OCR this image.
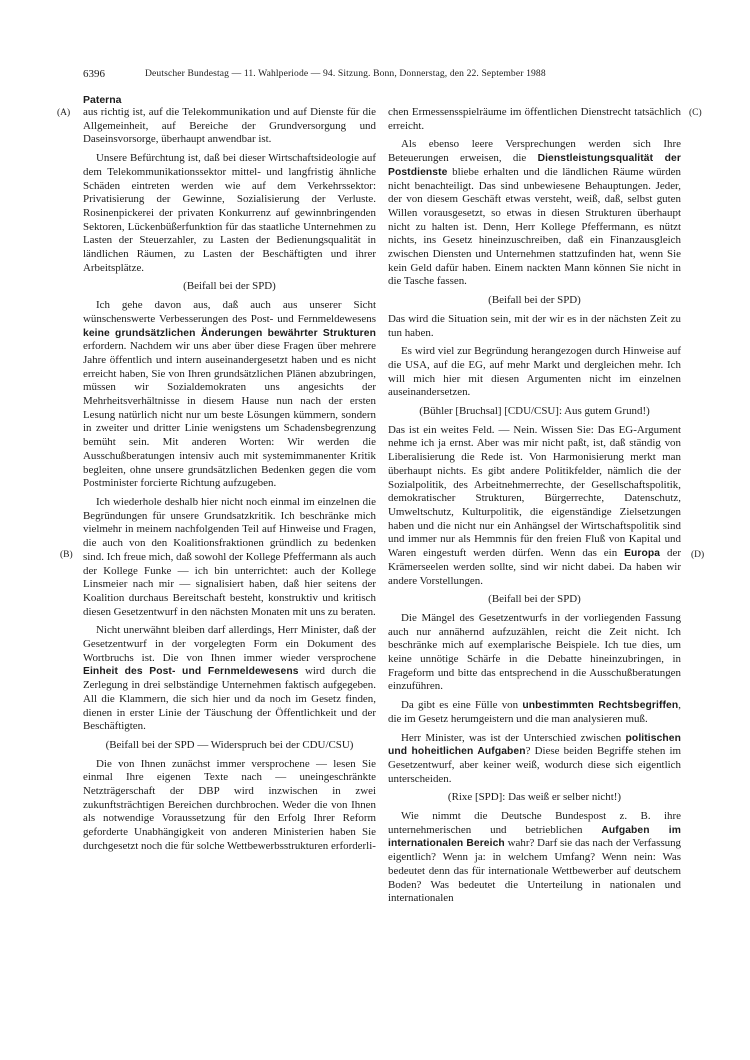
6396	Deutscher Bundestag — 11. Wahlperiode — 94. Sitzung. Bonn, Donnerstag, den 22. September 1988
Paterna
(A)
(B)
(C)
(D)

aus richtig ist, auf die Telekommunikation und auf Dienste für die Allgemeinheit, auf Bereiche der Grundversorgung und Daseinsvorsorge, überhaupt anwendbar ist.

Unsere Befürchtung ist, daß bei dieser Wirtschaftsideologie auf dem Telekommunikationssektor mittel- und langfristig ähnliche Schäden eintreten werden wie auf dem Verkehrssektor: Privatisierung der Gewinne, Sozialisierung der Verluste. Rosinenpickerei der privaten Konkurrenz auf gewinnbringenden Sektoren, Lückenbüßerfunktion für das staatliche Unternehmen zu Lasten der Steuerzahler, zu Lasten der Bedienungsqualität in ländlichen Räumen, zu Lasten der Beschäftigten und ihrer Arbeitsplätze.

(Beifall bei der SPD)

Ich gehe davon aus, daß auch aus unserer Sicht wünschenswerte Verbesserungen des Post- und Fernmeldewesens keine grundsätzlichen Änderungen bewährter Strukturen erfordern. Nachdem wir uns aber über diese Fragen über mehrere Jahre öffentlich und intern auseinandergesetzt haben und es nicht erreicht haben, Sie von Ihren grundsätzlichen Plänen abzubringen, müssen wir Sozialdemokraten uns angesichts der Mehrheitsverhältnisse in diesem Hause nun nach der ersten Lesung natürlich nicht nur um beste Lösungen kümmern, sondern in zweiter und dritter Linie wenigstens um Schadensbegrenzung bemüht sein. Mit anderen Worten: Wir werden die Ausschußberatungen intensiv auch mit systemimmanenter Kritik begleiten, ohne unsere grundsätzlichen Bedenken gegen die vom Postminister forcierte Richtung aufzugeben.

Ich wiederhole deshalb hier nicht noch einmal im einzelnen die Begründungen für unsere Grundsatzkritik. Ich beschränke mich vielmehr in meinem nachfolgenden Teil auf Hinweise und Fragen, die auch von den Koalitionsfraktionen gründlich zu bedenken sind. Ich freue mich, daß sowohl der Kollege Pfeffermann als auch der Kollege Funke — ich bin unterrichtet: auch der Kollege Linsmeier nach mir — signalisiert haben, daß hier seitens der Koalition durchaus Bereitschaft besteht, konstruktiv und kritisch diesen Gesetzentwurf in den nächsten Monaten mit uns zu beraten.

Nicht unerwähnt bleiben darf allerdings, Herr Minister, daß der Gesetzentwurf in der vorgelegten Form ein Dokument des Wortbruchs ist. Die von Ihnen immer wieder versprochene Einheit des Post- und Fernmeldewesens wird durch die Zerlegung in drei selbständige Unternehmen faktisch aufgegeben. All die Klammern, die sich hier und da noch im Gesetz finden, dienen in erster Linie der Täuschung der Öffentlichkeit und der Beschäftigten.

(Beifall bei der SPD — Widerspruch bei der CDU/CSU)

Die von Ihnen zunächst immer versprochene — lesen Sie einmal Ihre eigenen Texte nach — uneingeschränkte Netzträgerschaft der DBP wird inzwischen in zwei zukunftsträchtigen Bereichen durchbrochen. Weder die von Ihnen als notwendige Voraussetzung für den Erfolg Ihrer Reform geforderte Unabhängigkeit von anderen Ministerien haben Sie durchgesetzt noch die für solche Wettbewerbsstrukturen erforderli-

chen Ermessensspielräume im öffentlichen Dienstrecht tatsächlich erreicht.

Als ebenso leere Versprechungen werden sich Ihre Beteuerungen erweisen, die Dienstleistungsqualität der Postdienste bliebe erhalten und die ländlichen Räume würden nicht benachteiligt. Das sind unbewiesene Behauptungen. Jeder, der von diesem Geschäft etwas versteht, weiß, daß, selbst guten Willen vorausgesetzt, so etwas in diesen Strukturen überhaupt nicht zu halten ist. Denn, Herr Kollege Pfeffermann, es nützt nichts, ins Gesetz hineinzuschreiben, daß ein Finanzausgleich zwischen Diensten und Unternehmen stattzufinden hat, wenn Sie kein Geld dafür haben. Einem nackten Mann können Sie nicht in die Tasche fassen.

(Beifall bei der SPD)

Das wird die Situation sein, mit der wir es in der nächsten Zeit zu tun haben.

Es wird viel zur Begründung herangezogen durch Hinweise auf die USA, auf die EG, auf mehr Markt und dergleichen mehr. Ich will mich hier mit diesen Argumenten nicht im einzelnen auseinandersetzen.

(Bühler [Bruchsal] [CDU/CSU]: Aus gutem Grund!)

Das ist ein weites Feld. — Nein. Wissen Sie: Das EG-Argument nehme ich ja ernst. Aber was mir nicht paßt, ist, daß ständig von Liberalisierung die Rede ist. Von Harmonisierung merkt man überhaupt nichts. Es gibt andere Politikfelder, nämlich die der Sozialpolitik, des Arbeitnehmerrechte, der Gesellschaftspolitik, demokratischer Strukturen, Bürgerrechte, Datenschutz, Umweltschutz, Kulturpolitik, die eigenständige Zielsetzungen haben und die nicht nur ein Anhängsel der Wirtschaftspolitik sind und immer nur als Hemmnis für den freien Fluß von Kapital und Waren eingestuft werden dürfen. Wenn das ein Europa der Krämerseelen werden sollte, sind wir nicht dabei. Da haben wir andere Vorstellungen.

(Beifall bei der SPD)

Die Mängel des Gesetzentwurfs in der vorliegenden Fassung auch nur annähernd aufzuzählen, reicht die Zeit nicht. Ich beschränke mich auf exemplarische Beispiele. Ich tue dies, um keine unnötige Schärfe in die Debatte hineinzubringen, in Frageform und bitte das entsprechend in die Ausschußberatungen einzuführen.

Da gibt es eine Fülle von unbestimmten Rechtsbegriffen, die im Gesetz herumgeistern und die man analysieren muß.

Herr Minister, was ist der Unterschied zwischen politischen und hoheitlichen Aufgaben? Diese beiden Begriffe stehen im Gesetzentwurf, aber keiner weiß, wodurch diese sich eigentlich unterscheiden.

(Rixe [SPD]: Das weiß er selber nicht!)

Wie nimmt die Deutsche Bundespost z. B. ihre unternehmerischen und betrieblichen Aufgaben im internationalen Bereich wahr? Darf sie das nach der Verfassung eigentlich? Wenn ja: in welchem Umfang? Wenn nein: Was bedeutet denn das für internationale Wettbewerber auf deutschem Boden? Was bedeutet die Unterteilung in nationalen und internationalen
